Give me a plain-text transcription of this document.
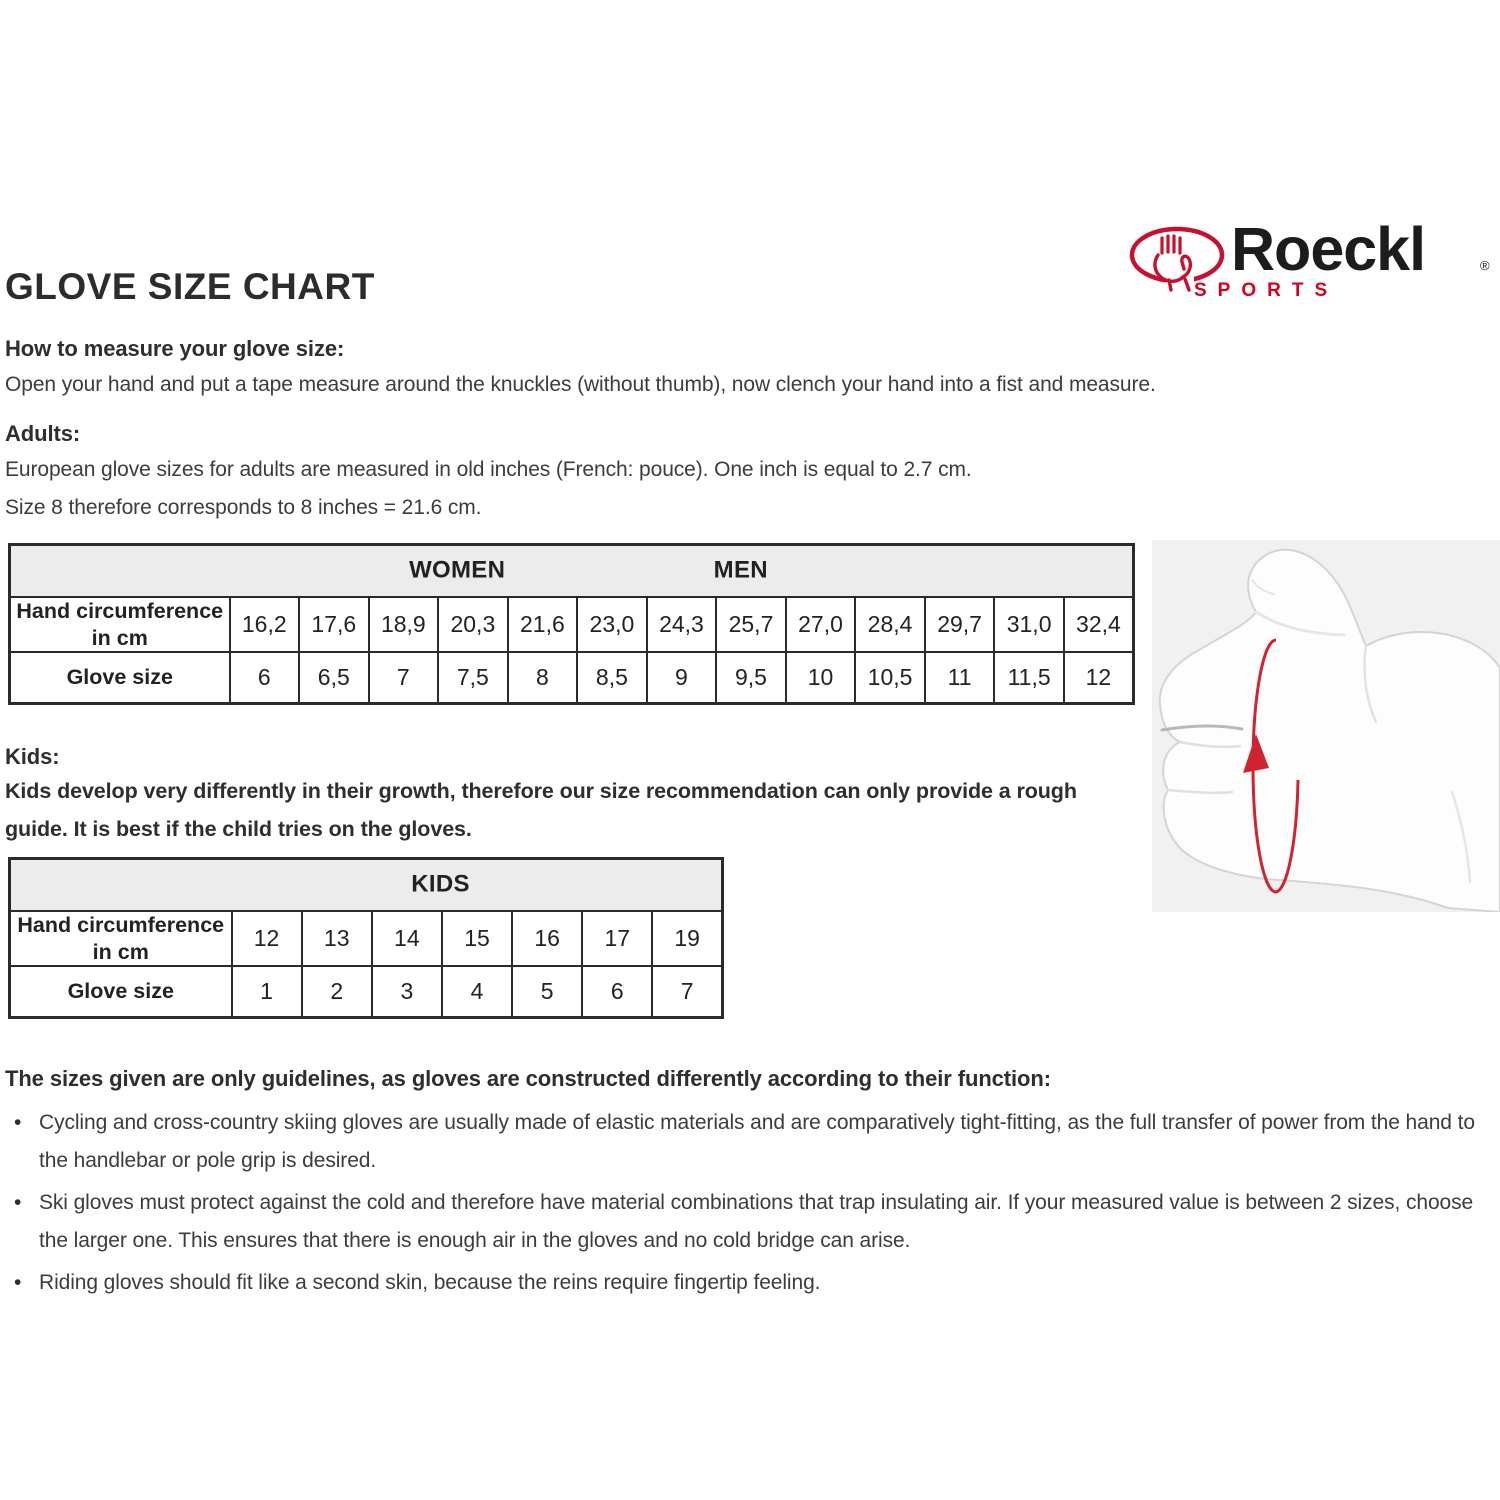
GLOVE SIZE CHART
Roeckl	®
SPORTS
How to measure your glove size:
Open your hand and put a tape measure around the knuckles (without thumb), now clench your hand into a fist and measure.
Adults:
European glove sizes for adults are measured in old inches (French: pouce). One inch is equal to 2.7 cm.
Size 8 therefore corresponds to 8 inches = 21.6 cm.
WOMEN MEN													

Hand circumference in cm	16,2	17,6	18,9	20,3	21,6	23,0	24,3	25,7	27,0	28,4	29,7	31,0	32,4
Glove size	6	6,5	7	7,5	8	8,5	9	9,5	10	10,5	11	11,5	12
Kids:
Kids develop very differently in their growth, therefore our size recommendation can only provide a rough
guide. It is best if the child tries on the gloves.
KIDS							

Hand circumference in cm	12	13	14	15	16	17	19
Glove size	1	2	3	4	5	6	7
The sizes given are only guidelines, as gloves are constructed differently according to their function:
• Cycling and cross-country skiing gloves are usually made of elastic materials and are comparatively tight-fitting, as the full transfer of power from the hand to the handlebar or pole grip is desired.
• Ski gloves must protect against the cold and therefore have material combinations that trap insulating air. If your measured value is between 2 sizes, choose the larger one. This ensures that there is enough air in the gloves and no cold bridge can arise.
• Riding gloves should fit like a second skin, because the reins require fingertip feeling.
